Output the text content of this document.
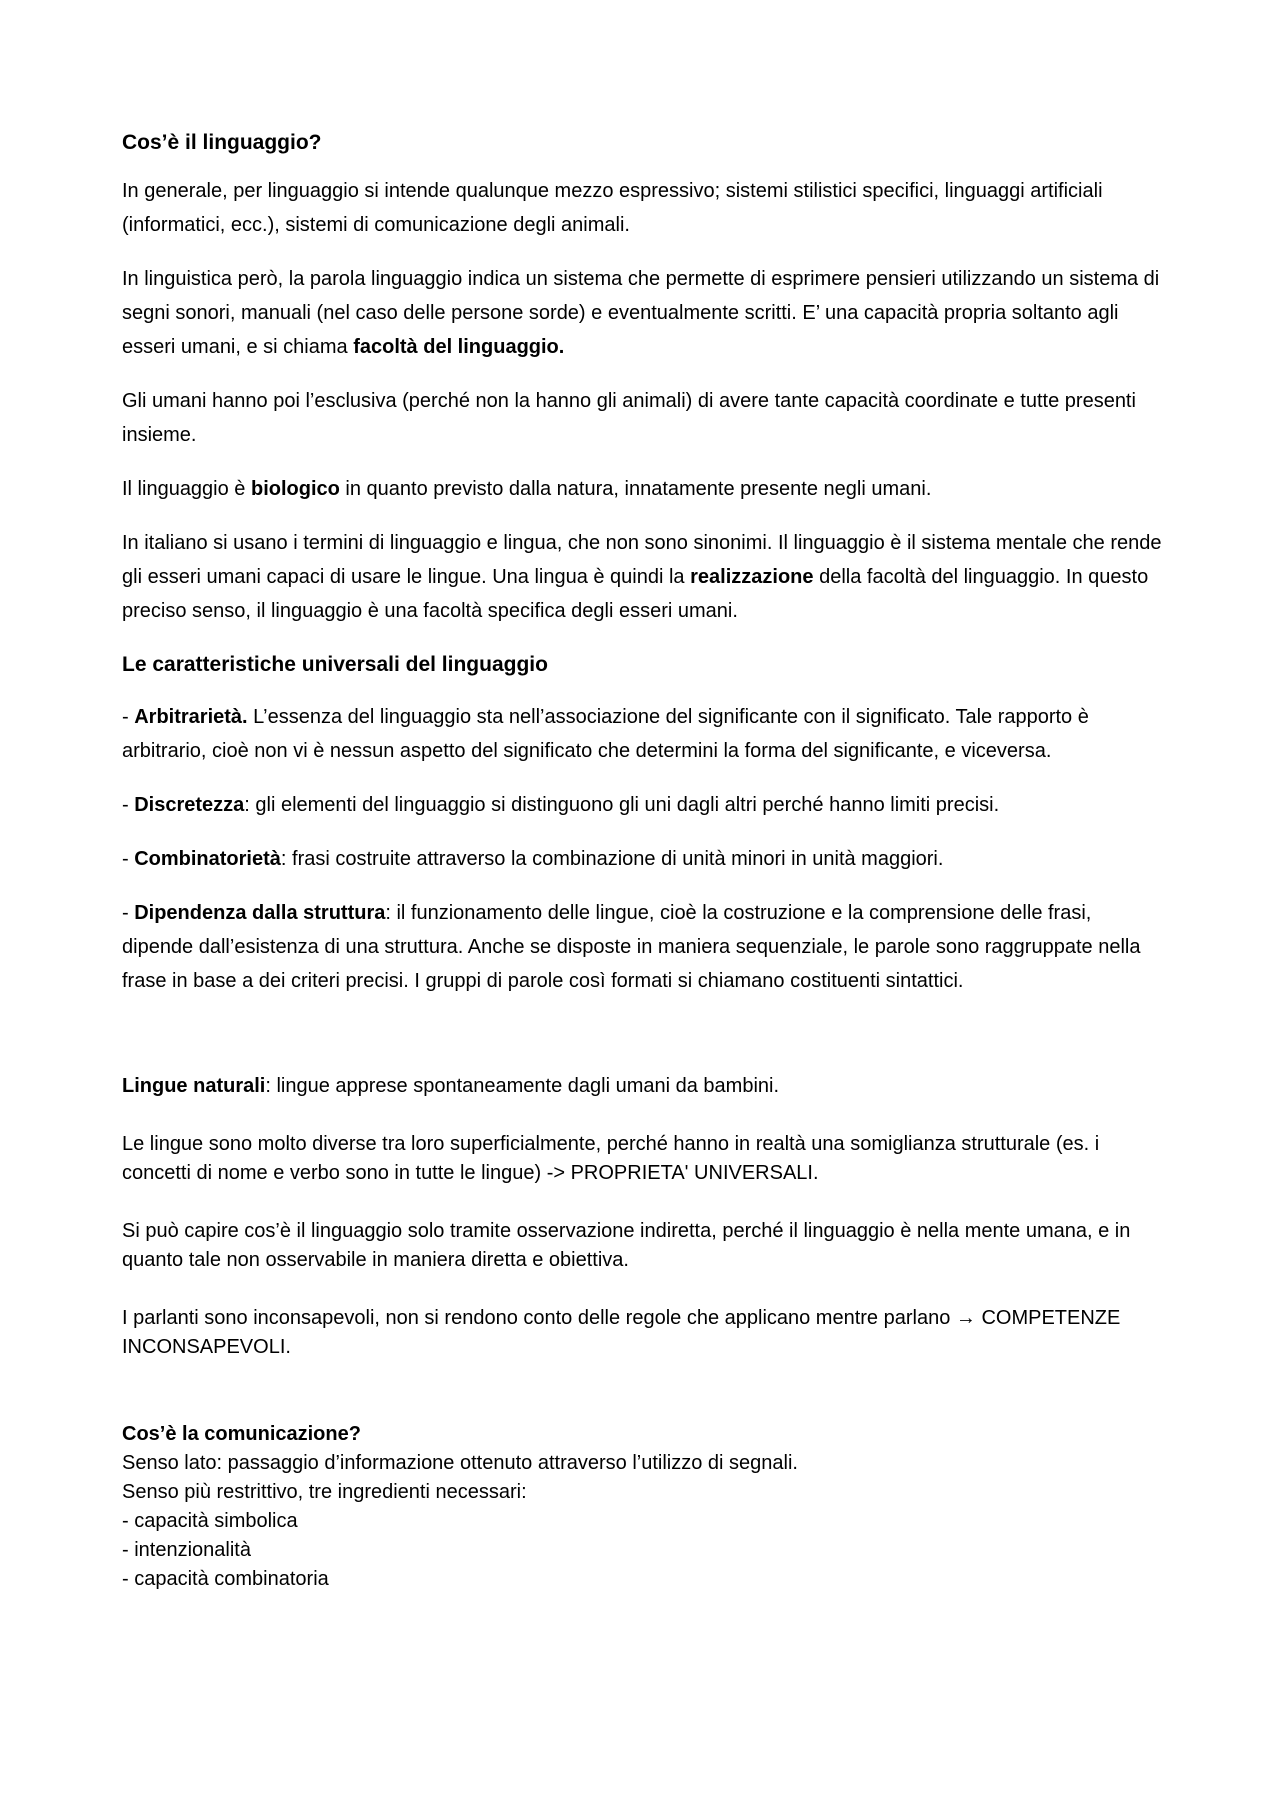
Cos’è il linguaggio?

In generale, per linguaggio si intende qualunque mezzo espressivo; sistemi stilistici specifici, linguaggi artificiali (informatici, ecc.), sistemi di comunicazione degli animali.

In linguistica però, la parola linguaggio indica un sistema che permette di esprimere pensieri utilizzando un sistema di segni sonori, manuali (nel caso delle persone sorde) e eventualmente scritti. E’ una capacità propria soltanto agli esseri umani, e si chiama facoltà del linguaggio.

Gli umani hanno poi l’esclusiva (perché non la hanno gli animali) di avere tante capacità coordinate e tutte presenti insieme.

Il linguaggio è biologico in quanto previsto dalla natura, innatamente presente negli umani.

In italiano si usano i termini di linguaggio e lingua, che non sono sinonimi. Il linguaggio è il sistema mentale che rende gli esseri umani capaci di usare le lingue. Una lingua è quindi la realizzazione della facoltà del linguaggio. In questo preciso senso, il linguaggio è una facoltà specifica degli esseri umani.

Le caratteristiche universali del linguaggio

- Arbitrarietà. L’essenza del linguaggio sta nell’associazione del significante con il significato. Tale rapporto è arbitrario, cioè non vi è nessun aspetto del significato che determini la forma del significante, e viceversa.

- Discretezza: gli elementi del linguaggio si distinguono gli uni dagli altri perché hanno limiti precisi.

- Combinatorietà: frasi costruite attraverso la combinazione di unità minori in unità maggiori.

- Dipendenza dalla struttura: il funzionamento delle lingue, cioè la costruzione e la comprensione delle frasi, dipende dall’esistenza di una struttura. Anche se disposte in maniera sequenziale, le parole sono raggruppate nella frase in base a dei criteri precisi. I gruppi di parole così formati si chiamano costituenti sintattici.

Lingue naturali: lingue apprese spontaneamente dagli umani da bambini.

Le lingue sono molto diverse tra loro superficialmente, perché hanno in realtà una somiglianza strutturale (es. i concetti di nome e verbo sono in tutte le lingue) -> PROPRIETA' UNIVERSALI.

Si può capire cos’è il linguaggio solo tramite osservazione indiretta, perché il linguaggio è nella mente umana, e in quanto tale non osservabile in maniera diretta e obiettiva.

I parlanti sono inconsapevoli, non si rendono conto delle regole che applicano mentre parlano → COMPETENZE INCONSAPEVOLI.

Cos’è la comunicazione?
Senso lato: passaggio d’informazione ottenuto attraverso l’utilizzo di segnali.
Senso più restrittivo, tre ingredienti necessari:
- capacità simbolica
- intenzionalità
- capacità combinatoria
